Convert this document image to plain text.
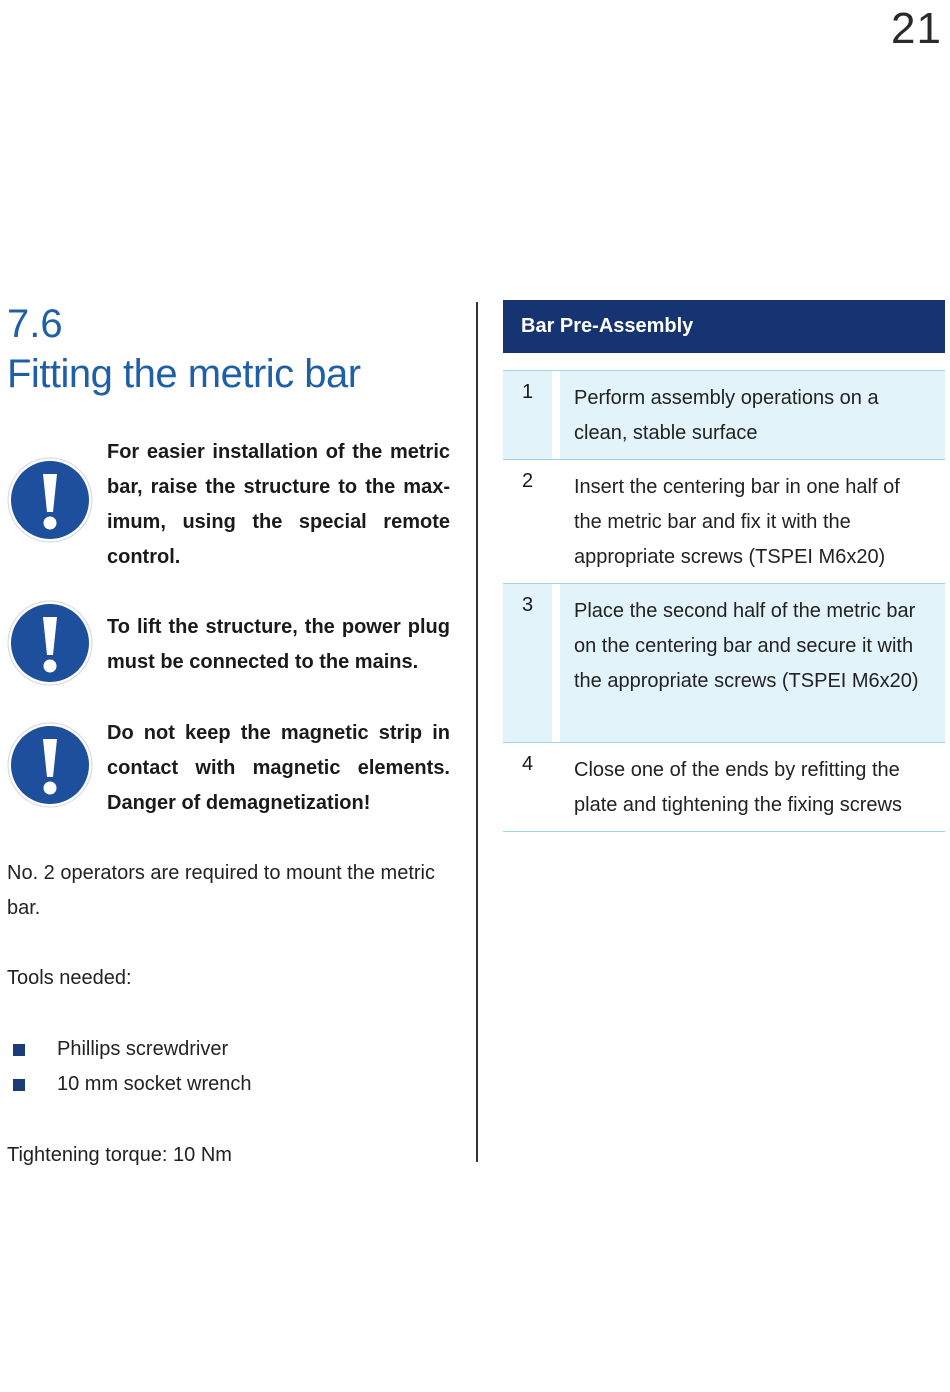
21
7.6
Fitting the metric bar
For easier installation of the metric bar, raise the structure to the max-imum, using the special remote control.
To lift the structure, the power plug must be connected to the mains.
Do not keep the magnetic strip in contact with magnetic elements. Danger of demagnetization!
No. 2 operators are required to mount the metric bar.
Tools needed:
Phillips screwdriver
10 mm socket wrench
Tightening torque: 10 Nm
Bar Pre-Assembly
1	Perform assembly operations on a clean, stable surface
2	Insert the centering bar in one half of the metric bar and fix it with the appropriate screws (TSPEI M6x20)
3	Place the second half of the metric bar on the centering bar and secure it with the appropriate screws (TSPEI M6x20)
4	Close one of the ends by refitting the plate and tightening the fixing screws
